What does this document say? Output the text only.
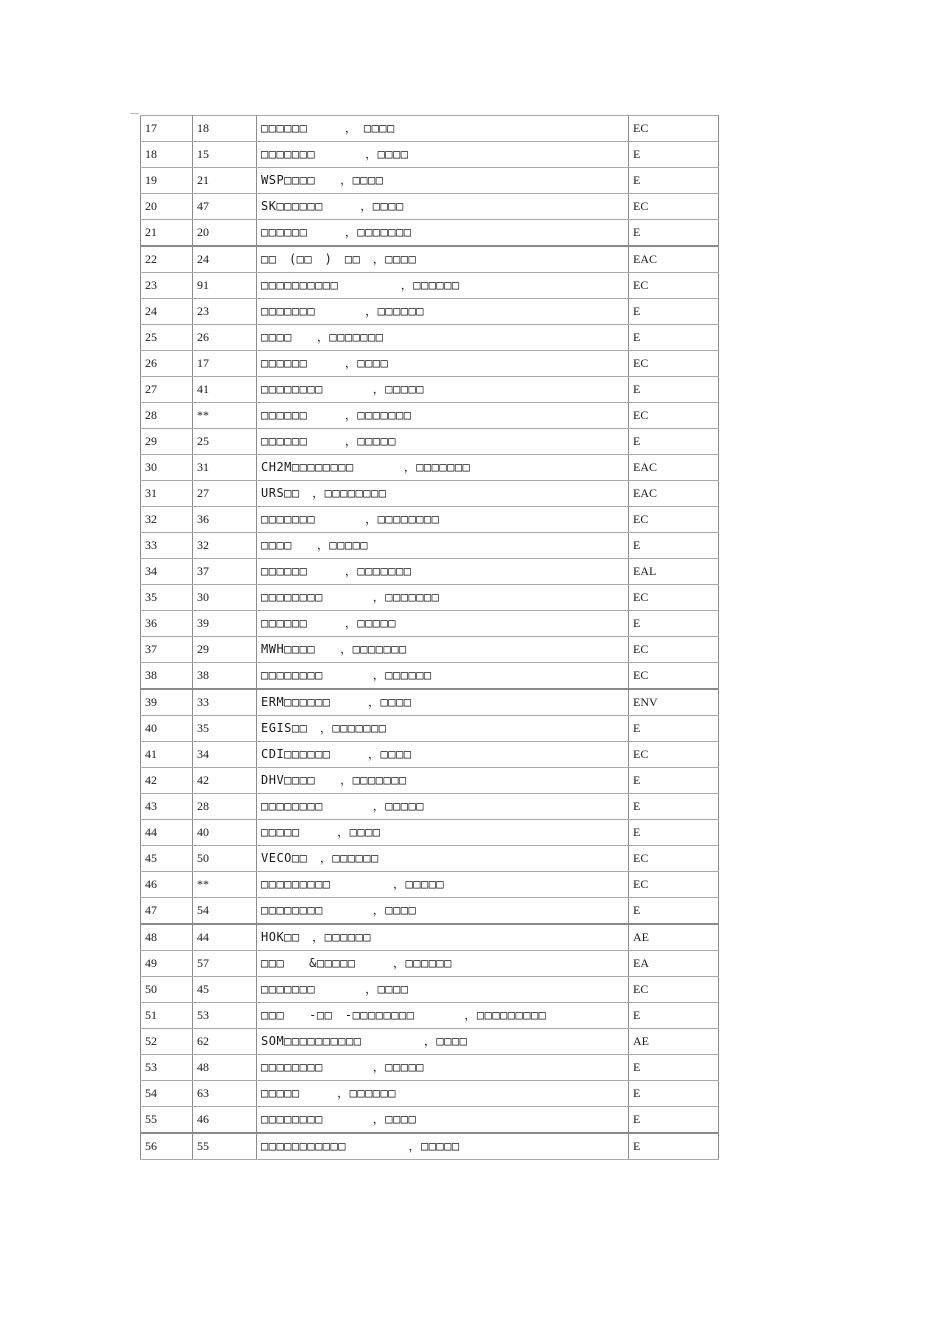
17	18	□□□□□□　　　，　□□□□	EC
18	15	□□□□□□□　　　　，□□□□	E
19	21	WSP□□□□　　，□□□□	E
20	47	SK□□□□□□　　　，□□□□	EC
21	20	□□□□□□　　　，□□□□□□□	E
22	24	□□　(□□　)　□□　，□□□□	EAC
23	91	□□□□□□□□□□　　　　　，□□□□□□	EC
24	23	□□□□□□□　　　　，□□□□□□	E
25	26	□□□□　　，□□□□□□□	E
26	17	□□□□□□　　　，□□□□	EC
27	41	□□□□□□□□　　　　，□□□□□	E
28	**	□□□□□□　　　，□□□□□□□	EC
29	25	□□□□□□　　　，□□□□□	E
30	31	CH2M□□□□□□□□　　　　，□□□□□□□	EAC
31	27	URS□□　，□□□□□□□□	EAC
32	36	□□□□□□□　　　　，□□□□□□□□	EC
33	32	□□□□　　，□□□□□	E
34	37	□□□□□□　　　，□□□□□□□	EAL
35	30	□□□□□□□□　　　　，□□□□□□□	EC
36	39	□□□□□□　　　，□□□□□	E
37	29	MWH□□□□　　，□□□□□□□	EC
38	38	□□□□□□□□　　　　，□□□□□□	EC
39	33	ERM□□□□□□　　　，□□□□	ENV
40	35	EGIS□□　，□□□□□□□	E
41	34	CDI□□□□□□　　　，□□□□	EC
42	42	DHV□□□□　　，□□□□□□□	E
43	28	□□□□□□□□　　　　，□□□□□	E
44	40	□□□□□　　　，□□□□	E
45	50	VECO□□　，□□□□□□	EC
46	**	□□□□□□□□□　　　　　，□□□□□	EC
47	54	□□□□□□□□　　　　，□□□□	E
48	44	HOK□□　，□□□□□□	AE
49	57	□□□　　&□□□□□　　　，□□□□□□	EA
50	45	□□□□□□□　　　　，□□□□	EC
51	53	□□□　　-□□　-□□□□□□□□　　　　，□□□□□□□□□	E
52	62	SOM□□□□□□□□□□　　　　　，□□□□	AE
53	48	□□□□□□□□　　　　，□□□□□	E
54	63	□□□□□　　　，□□□□□□	E
55	46	□□□□□□□□　　　　，□□□□	E
56	55	□□□□□□□□□□□　　　　　，□□□□□	E
